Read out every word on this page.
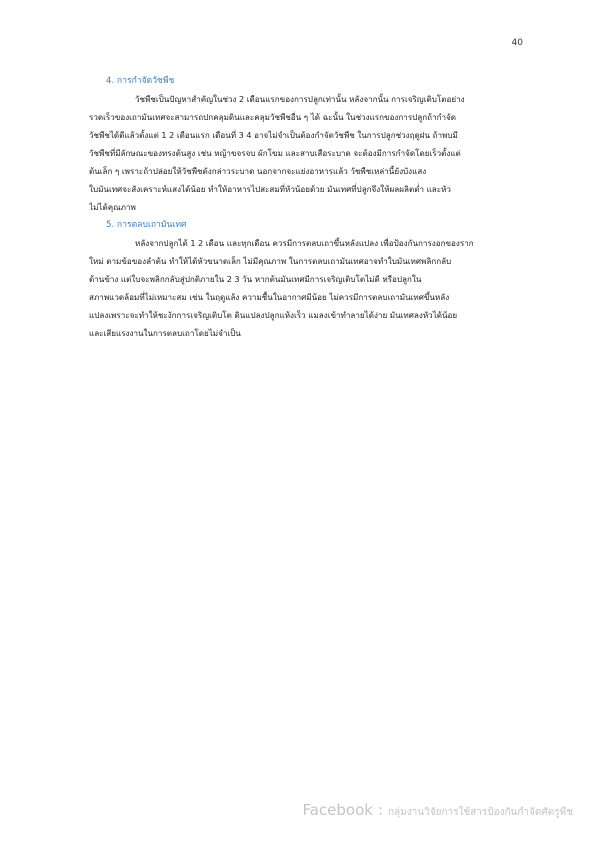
40

4. การกำจัดวัชพืช

วัชพืชเป็นปัญหาสำคัญในช่วง 2 เดือนแรกของการปลูกเท่านั้น หลังจากนั้น การเจริญเติบโตอย่าง

รวดเร็วของเถามันเทศจะสามารถปกคลุมดินและคลุมวัชพืชอื่น ๆ ได้ ฉะนั้น ในช่วงแรกของการปลูกถ้ากำจัด

วัชพืชได้ดีแล้วตั้งแต่ 1 2 เดือนแรก เดือนที่ 3 4 อาจไม่จำเป็นต้องกำจัดวัชพืช ในการปลูกช่วงฤดูฝน ถ้าพบมี

วัชพืชที่มีลักษณะของทรงต้นสูง เช่น หญ้าขจรจบ ผักโขม และสาบเสือระบาด จะต้องมีการกำจัดโดยเร็วตั้งแต่

ต้นเล็ก ๆ เพราะถ้าปล่อยให้วัชพืชดังกล่าวระบาด นอกจากจะแย่งอาหารแล้ว วัชพืชเหล่านี้ยังบังแสง

ใบมันเทศจะสังเคราะห์แสงได้น้อย ทำให้อาหารไปสะสมที่หัวน้อยด้วย มันเทศที่ปลูกจึงให้ผลผลิตต่ำ และหัว

ไม่ได้คุณภาพ

5. การตลบเถามันเทศ

หลังจากปลูกได้ 1 2 เดือน และทุกเดือน ควรมีการตลบเถาขึ้นหลังแปลง เพื่อป้องกันการงอกของราก

ใหม่ ตามข้อของลำต้น ทำให้ได้หัวขนาดเล็ก ไม่มีคุณภาพ ในการตลบเถามันเทศอาจทำใบมันเทศพลิกกลับ

ด้านข้าง แต่ใบจะพลิกกลับสู่ปกติภายใน 2 3 วัน หากต้นมันเทศมีการเจริญเติบโตไม่ดี หรือปลูกใน

สภาพแวดล้อมที่ไม่เหมาะสม เช่น ในฤดูแล้ง ความชื้นในอากาศมีน้อย ไม่ควรมีการตลบเถามันเทศขึ้นหลัง

แปลงเพราะจะทำให้ชะงักการเจริญเติบโต ดินแปลงปลูกแห้งเร็ว แมลงเข้าทำลายได้ง่าย มันเทศลงหัวได้น้อย

และเสียแรงงานในการตลบเถาโดยไม่จำเป็น

Facebook : กลุ่มงานวิจัยการใช้สารป้องกันกำจัดศัตรูพืช
